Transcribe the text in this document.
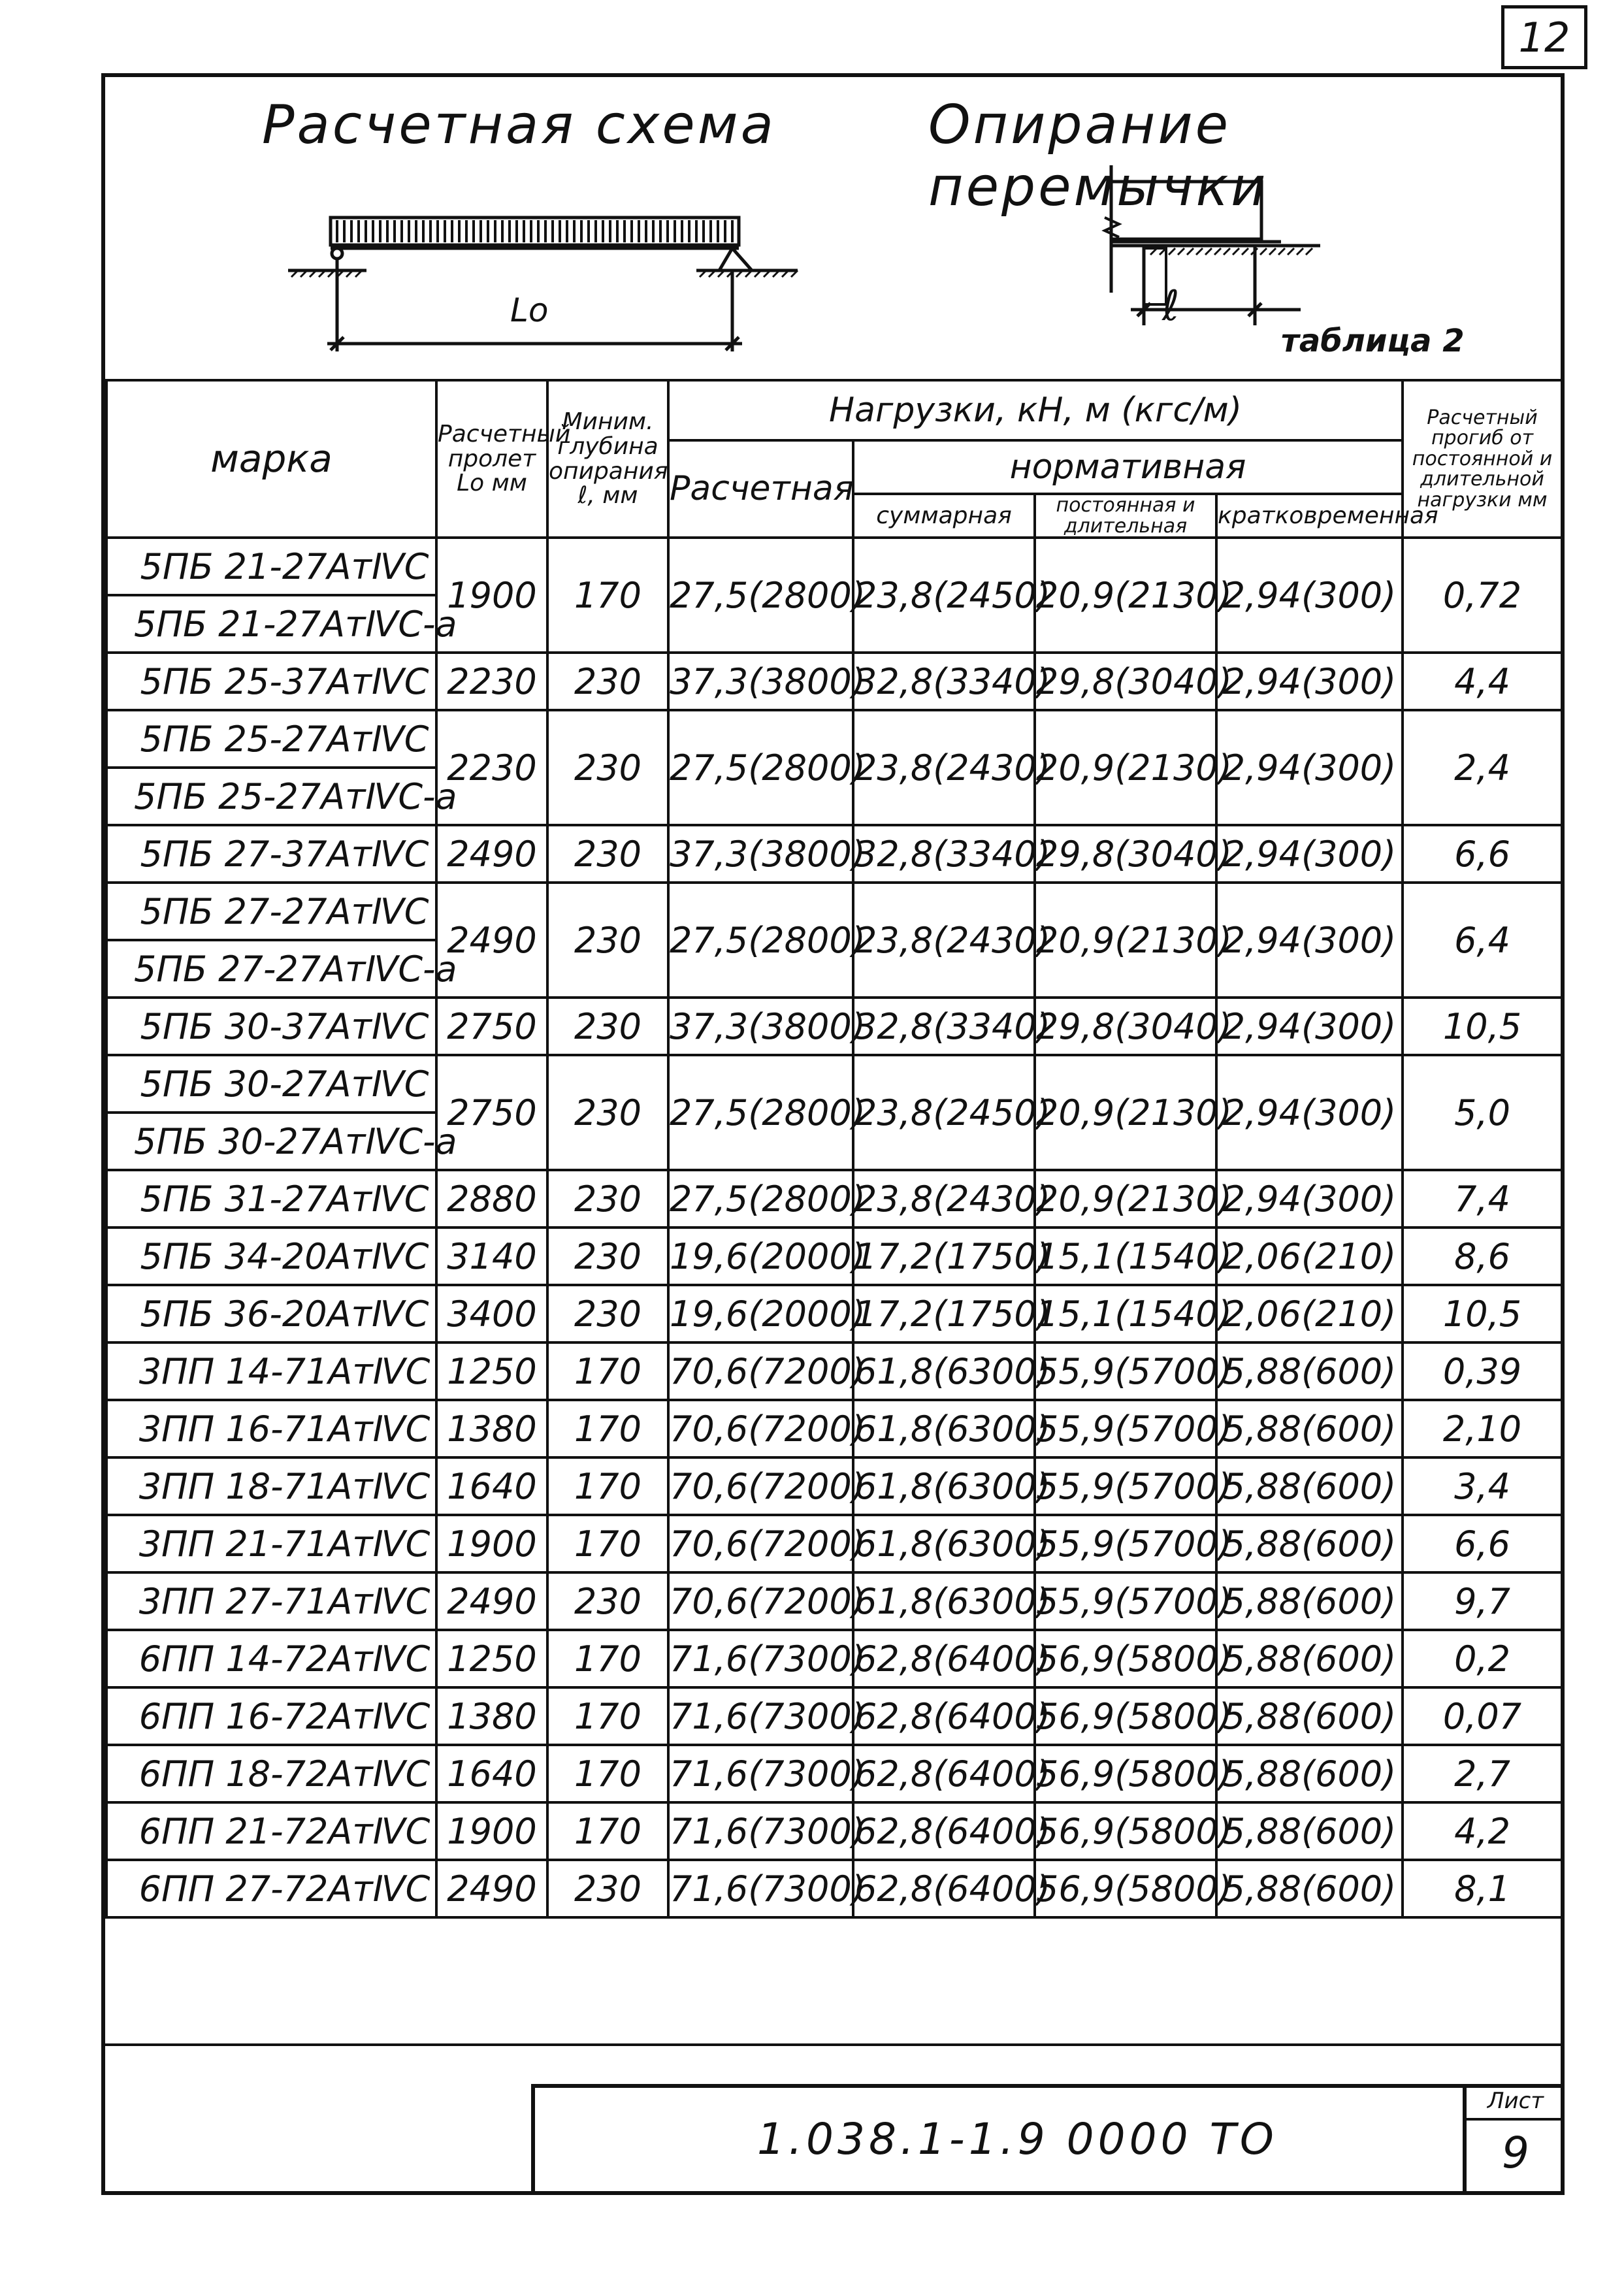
12
Расчетная схема	Опирание перемычки
Lo	ℓ
таблица 2
марка	Расчетный пролет Lo мм	Миним. глубина опирания ℓ, мм	Нагрузки, кН, м (кгс/м)				Расчетный прогиб от постоянной и длительной нагрузки мм
			Расчетная	нормативная			
				суммарная	постоянная и длительная	кратковременная	
5ПБ 21-27АтⅣС	1900	170	27,5(2800)	23,8(2450)	20,9(2130)	2,94(300)	0,72
5ПБ 21-27АтⅣС-а							
5ПБ 25-37АтⅣС	2230	230	37,3(3800)	32,8(3340)	29,8(3040)	2,94(300)	4,4
5ПБ 25-27АтⅣС	2230	230	27,5(2800)	23,8(2430)	20,9(2130)	2,94(300)	2,4
5ПБ 25-27АтⅣС-а							
5ПБ 27-37АтⅣС	2490	230	37,3(3800)	32,8(3340)	29,8(3040)	2,94(300)	6,6
5ПБ 27-27АтⅣС	2490	230	27,5(2800)	23,8(2430)	20,9(2130)	2,94(300)	6,4
5ПБ 27-27АтⅣС-а							
5ПБ 30-37АтⅣС	2750	230	37,3(3800)	32,8(3340)	29,8(3040)	2,94(300)	10,5
5ПБ 30-27АтⅣС	2750	230	27,5(2800)	23,8(2450)	20,9(2130)	2,94(300)	5,0
5ПБ 30-27АтⅣС-а							
5ПБ 31-27АтⅣС	2880	230	27,5(2800)	23,8(2430)	20,9(2130)	2,94(300)	7,4
5ПБ 34-20АтⅣС	3140	230	19,6(2000)	17,2(1750)	15,1(1540)	2,06(210)	8,6
5ПБ 36-20АтⅣС	3400	230	19,6(2000)	17,2(1750)	15,1(1540)	2,06(210)	10,5
3ПП 14-71АтⅣС	1250	170	70,6(7200)	61,8(6300)	55,9(5700)	5,88(600)	0,39
3ПП 16-71АтⅣС	1380	170	70,6(7200)	61,8(6300)	55,9(5700)	5,88(600)	2,10
3ПП 18-71АтⅣС	1640	170	70,6(7200)	61,8(6300)	55,9(5700)	5,88(600)	3,4
3ПП 21-71АтⅣС	1900	170	70,6(7200)	61,8(6300)	55,9(5700)	5,88(600)	6,6
3ПП 27-71АтⅣС	2490	230	70,6(7200)	61,8(6300)	55,9(5700)	5,88(600)	9,7
6ПП 14-72АтⅣС	1250	170	71,6(7300)	62,8(6400)	56,9(5800)	5,88(600)	0,2
6ПП 16-72АтⅣС	1380	170	71,6(7300)	62,8(6400)	56,9(5800)	5,88(600)	0,07
6ПП 18-72АтⅣС	1640	170	71,6(7300)	62,8(6400)	56,9(5800)	5,88(600)	2,7
6ПП 21-72АтⅣС	1900	170	71,6(7300)	62,8(6400)	56,9(5800)	5,88(600)	4,2
6ПП 27-72АтⅣС	2490	230	71,6(7300)	62,8(6400)	56,9(5800)	5,88(600)	8,1
1.038.1-1.9 0000 ТО
Лист
9
